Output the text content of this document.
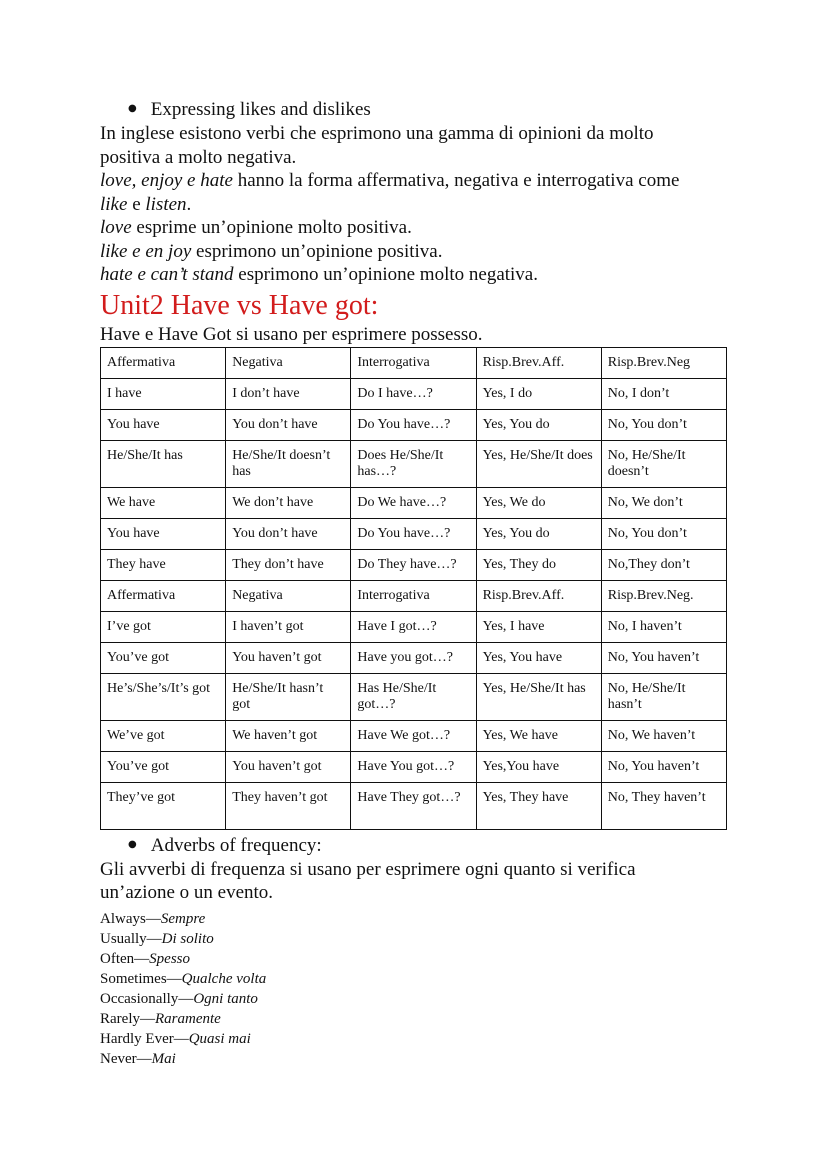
● Expressing likes and dislikes

In inglese esistono verbi che esprimono una gamma di opinioni da molto

positiva a molto negativa.

love, enjoy e hate hanno la forma affermativa, negativa e interrogativa come

like e listen.

love esprime un’opinione molto positiva.

like e en joy esprimono un’opinione positiva.

hate e can’t stand esprimono un’opinione molto negativa.

Unit2 Have vs Have got:

Have e Have Got si usano per esprimere possesso.

Affermativa	Negativa	Interrogativa	Risp.Brev.Aff.	Risp.Brev.Neg
I have	I don’t have	Do I have…?	Yes, I do	No, I don’t
You have	You don’t have	Do You have…?	Yes, You do	No, You don’t
He/She/It has	He/She/It doesn’t has	Does He/She/It has…?	Yes, He/She/It does	No, He/She/It doesn’t
We have	We don’t have	Do We have…?	Yes, We do	No, We don’t
You have	You don’t have	Do You have…?	Yes, You do	No, You don’t
They have	They don’t have	Do They have…?	Yes, They do	No,They don’t
Affermativa	Negativa	Interrogativa	Risp.Brev.Aff.	Risp.Brev.Neg.
I’ve got	I haven’t got	Have I got…?	Yes, I have	No, I haven’t
You’ve got	You haven’t got	Have you got…?	Yes, You have	No, You haven’t
He’s/She’s/It’s got	He/She/It hasn’t got	Has He/She/It got…?	Yes, He/She/It has	No, He/She/It hasn’t
We’ve got	We haven’t got	Have We got…?	Yes, We have	No, We haven’t
You’ve got	You haven’t got	Have You got…?	Yes,You have	No, You haven’t
They’ve got	They haven’t got	Have They got…?	Yes, They have	No, They haven’t
● Adverbs of frequency:

Gli avverbi di frequenza si usano per esprimere ogni quanto si verifica

un’azione o un evento.

Always—Sempre
Usually—Di solito
Often—Spesso
Sometimes—Qualche volta
Occasionally—Ogni tanto
Rarely—Raramente
Hardly Ever—Quasi mai
Never—Mai
